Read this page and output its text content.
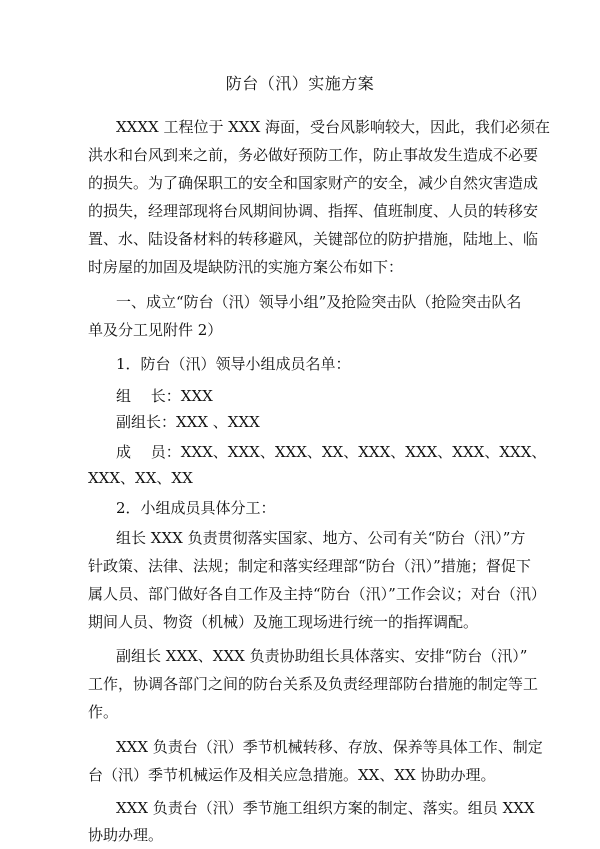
防台（汛）实施方案
XXXX 工程位于 XXX 海面，受台风影响较大，因此，我们必须在
洪水和台风到来之前，务必做好预防工作，防止事故发生造成不必要
的损失。为了确保职工的安全和国家财产的安全，减少自然灾害造成
的损失，经理部现将台风期间协调、指挥、值班制度、人员的转移安
置、水、陆设备材料的转移避风，关键部位的防护措施，陆地上、临
时房屋的加固及堤缺防汛的实施方案公布如下：
一、成立“防台（汛）领导小组”及抢险突击队（抢险突击队名
单及分工见附件 2）
1．防台（汛）领导小组成员名单：
组　 长：XXX
副组长：XXX 、XXX
成　 员：XXX、XXX、XXX、XX、XXX、XXX、XXX、XXX、
XXX、XX、XX
2．小组成员具体分工：
组长 XXX 负责贯彻落实国家、地方、公司有关“防台（汛）”方
针政策、法律、法规；制定和落实经理部“防台（汛）”措施；督促下
属人员、部门做好各自工作及主持“防台（汛）”工作会议；对台（汛）
期间人员、物资（机械）及施工现场进行统一的指挥调配。
副组长 XXX、XXX 负责协助组长具体落实、安排“防台（汛）”
工作，协调各部门之间的防台关系及负责经理部防台措施的制定等工
作。
XXX 负责台（汛）季节机械转移、存放、保养等具体工作、制定
台（汛）季节机械运作及相关应急措施。XX、XX 协助办理。
XXX 负责台（汛）季节施工组织方案的制定、落实。组员 XXX
协助办理。
